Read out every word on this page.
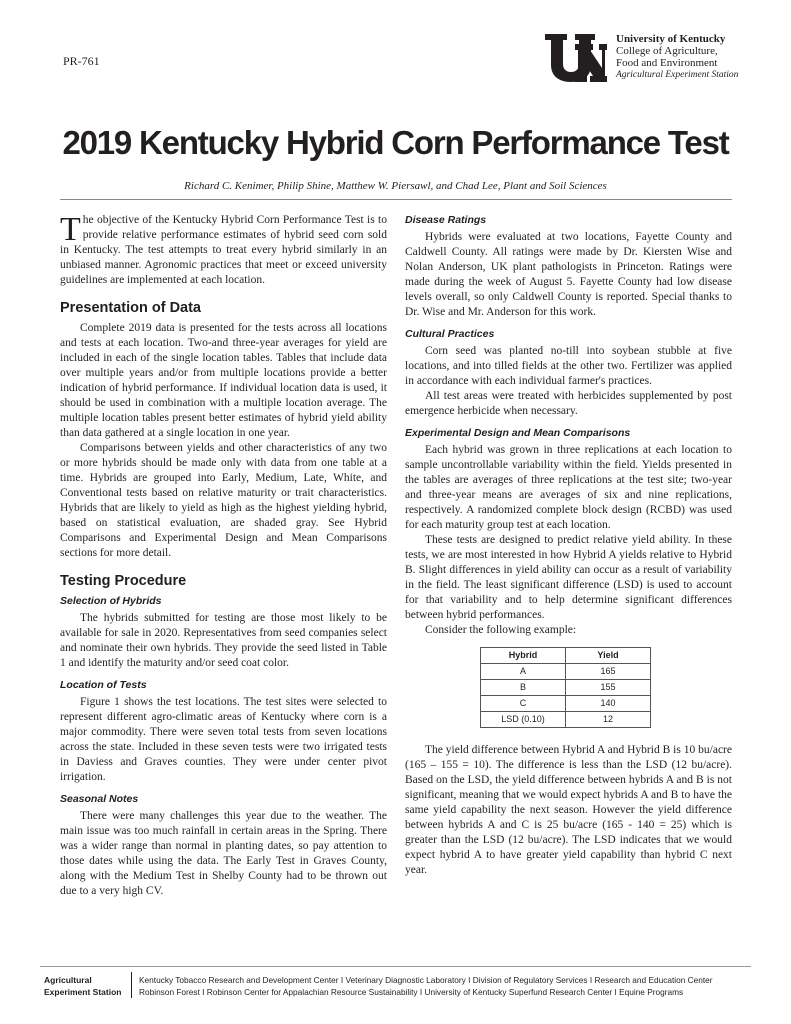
PR-761
University of Kentucky
College of Agriculture,
Food and Environment
Agricultural Experiment Station
2019 Kentucky Hybrid Corn Performance Test
Richard C. Kenimer, Philip Shine, Matthew W. Piersawl, and Chad Lee, Plant and Soil Sciences

The objective of the Kentucky Hybrid Corn Performance Test is to provide relative performance estimates of hybrid seed corn sold in Kentucky. The test attempts to treat every hybrid similarly in an unbiased manner. Agronomic practices that meet or exceed university guidelines are implemented at each location.

Presentation of Data

Complete 2019 data is presented for the tests across all locations and tests at each location. Two-and three-year averages for yield are included in each of the single location tables. Tables that include data over multiple years and/or from multiple locations provide a better indication of hybrid performance. If individual location data is used, it should be used in combination with a multiple location average. The multiple location tables present better estimates of hybrid yield ability than data gathered at a single location in one year.

Comparisons between yields and other characteristics of any two or more hybrids should be made only with data from one table at a time. Hybrids are grouped into Early, Medium, Late, White, and Conventional tests based on relative maturity or trait characteristics. Hybrids that are likely to yield as high as the highest yielding hybrid, based on statistical evaluation, are shaded gray. See Hybrid Comparisons and Experimental Design and Mean Comparisons sections for more detail.

Testing Procedure
Selection of Hybrids

The hybrids submitted for testing are those most likely to be available for sale in 2020. Representatives from seed companies select and nominate their own hybrids. They provide the seed listed in Table 1 and identify the maturity and/or seed coat color.

Location of Tests

Figure 1 shows the test locations. The test sites were selected to represent different agro-climatic areas of Kentucky where corn is a major commodity. There were seven total tests from seven locations across the state. Included in these seven tests were two irrigated tests in Daviess and Graves counties. They were under center pivot irrigation.

Seasonal Notes

There were many challenges this year due to the weather. The main issue was too much rainfall in certain areas in the Spring. There was a wider range than normal in planting dates, so pay attention to those dates while using the data. The Early Test in Graves County, along with the Medium Test in Shelby County had to be thrown out due to a very high CV.

Disease Ratings

Hybrids were evaluated at two locations, Fayette County and Caldwell County. All ratings were made by Dr. Kiersten Wise and Nolan Anderson, UK plant pathologists in Princeton. Ratings were made during the week of August 5. Fayette County had low disease levels overall, so only Caldwell County is reported. Special thanks to Dr. Wise and Mr. Anderson for this work.

Cultural Practices

Corn seed was planted no-till into soybean stubble at five locations, and into tilled fields at the other two. Fertilizer was applied in accordance with each individual farmer's practices.

All test areas were treated with herbicides supplemented by post emergence herbicide when necessary.

Experimental Design and Mean Comparisons

Each hybrid was grown in three replications at each location to sample uncontrollable variability within the field. Yields presented in the tables are averages of three replications at the test site; two-year and three-year means are averages of six and nine replications, respectively. A randomized complete block design (RCBD) was used for each maturity group test at each location.

These tests are designed to predict relative yield ability. In these tests, we are most interested in how Hybrid A yields relative to Hybrid B. Slight differences in yield ability can occur as a result of variability in the field. The least significant difference (LSD) is used to account for that variability and to help determine significant differences between hybrid performances.

Consider the following example:

Hybrid	Yield
A	165
B	155
C	140
LSD (0.10)	12

The yield difference between Hybrid A and Hybrid B is 10 bu/acre (165 – 155 = 10). The difference is less than the LSD (12 bu/acre). Based on the LSD, the yield difference between hybrids A and B is not significant, meaning that we would expect hybrids A and B to have the same yield capability the next season. However the yield difference between hybrids A and C is 25 bu/acre (165 - 140 = 25) which is greater than the LSD (12 bu/acre). The LSD indicates that we would expect hybrid A to have greater yield capability than hybrid C next year.

Agricultural
Experiment Station
Kentucky Tobacco Research and Development Center I Veterinary Diagnostic Laboratory I Division of Regulatory Services I Research and Education Center
Robinson Forest I Robinson Center for Appalachian Resource Sustainability I University of Kentucky Superfund Research Center I Equine Programs
